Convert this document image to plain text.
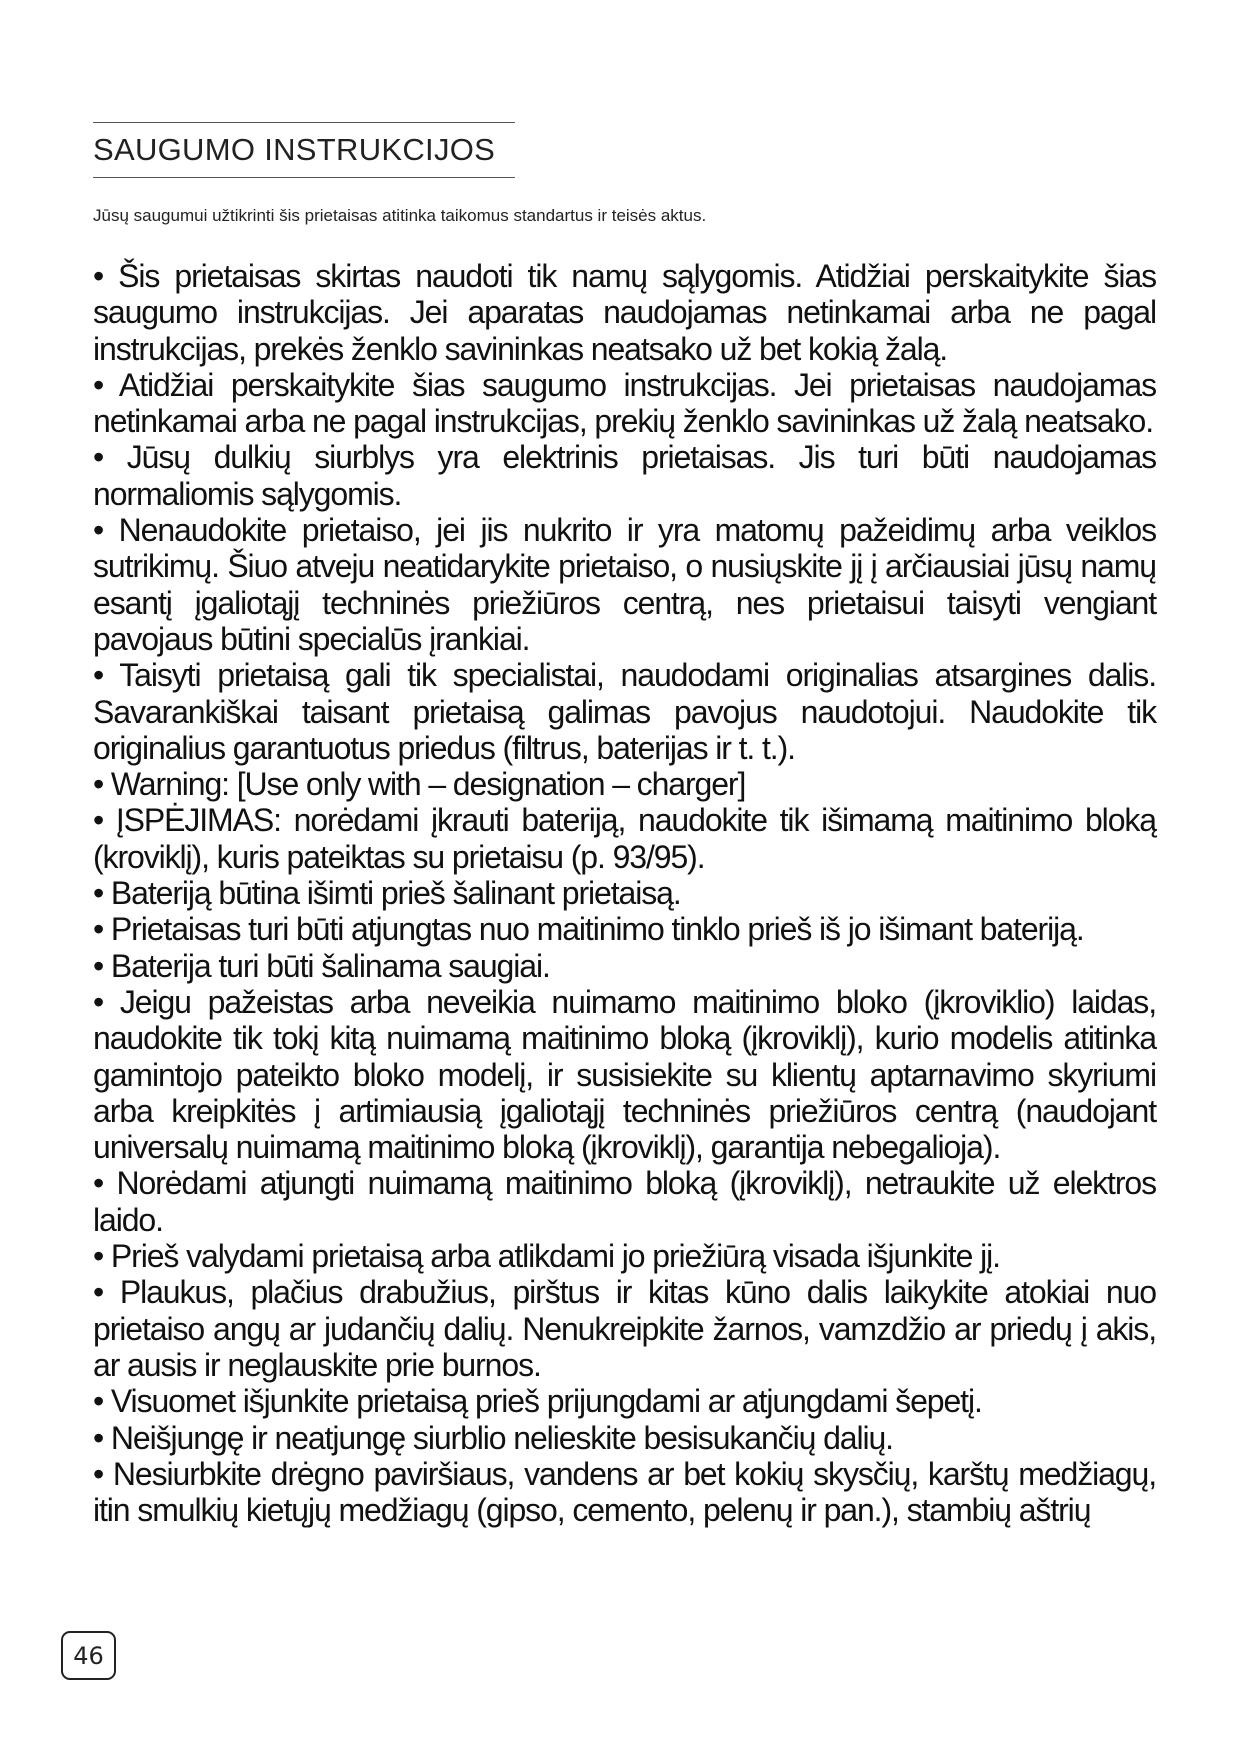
SAUGUMO INSTRUKCIJOS
Jūsų saugumui užtikrinti šis prietaisas atitinka taikomus standartus ir teisės aktus.

• Šis prietaisas skirtas naudoti tik namų sąlygomis. Atidžiai perskaitykite šias saugumo instrukcijas. Jei aparatas naudojamas netinkamai arba ne pagal instrukcijas, prekės ženklo savininkas neatsako už bet kokią žalą.

• Atidžiai perskaitykite šias saugumo instrukcijas. Jei prietaisas naudojamas netinkamai arba ne pagal instrukcijas, prekių ženklo savininkas už žalą neatsako.

• Jūsų dulkių siurblys yra elektrinis prietaisas. Jis turi būti naudojamas normaliomis sąlygomis.

• Nenaudokite prietaiso, jei jis nukrito ir yra matomų pažeidimų arba veiklos sutrikimų. Šiuo atveju neatidarykite prietaiso, o nusiųskite jį į arčiausiai jūsų namų esantį įgaliotąjį techninės priežiūros centrą, nes prietaisui taisyti vengiant pavojaus būtini specialūs įrankiai.

• Taisyti prietaisą gali tik specialistai, naudodami originalias atsargines dalis. Savarankiškai taisant prietaisą galimas pavojus naudotojui. Naudokite tik originalius garantuotus priedus (filtrus, baterijas ir t. t.).

• Warning: [Use only with – designation – charger]

• ĮSPĖJIMAS: norėdami įkrauti bateriją, naudokite tik išimamą maitinimo bloką (kroviklį), kuris pateiktas su prietaisu (p. 93/95).

• Bateriją būtina išimti prieš šalinant prietaisą.

• Prietaisas turi būti atjungtas nuo maitinimo tinklo prieš iš jo išimant bateriją.

• Baterija turi būti šalinama saugiai.

• Jeigu pažeistas arba neveikia nuimamo maitinimo bloko (įkroviklio) laidas, naudokite tik tokį kitą nuimamą maitinimo bloką (įkroviklį), kurio modelis atitinka gamintojo pateikto bloko modelį, ir susisiekite su klientų aptarnavimo skyriumi arba kreipkitės į artimiausią įgaliotąjį techninės priežiūros centrą (naudojant universalų nuimamą maitinimo bloką (įkroviklį), garantija nebegalioja).

• Norėdami atjungti nuimamą maitinimo bloką (įkroviklį), netraukite už elektros laido.

• Prieš valydami prietaisą arba atlikdami jo priežiūrą visada išjunkite jį.

• Plaukus, plačius drabužius, pirštus ir kitas kūno dalis laikykite atokiai nuo prietaiso angų ar judančių dalių. Nenukreipkite žarnos, vamzdžio ar priedų į akis, ar ausis ir neglauskite prie burnos.

• Visuomet išjunkite prietaisą prieš prijungdami ar atjungdami šepetį.

• Neišjungę ir neatjungę siurblio nelieskite besisukančių dalių.

• Nesiurbkite drėgno paviršiaus, vandens ar bet kokių skysčių, karštų medžiagų, itin smulkių kietųjų medžiagų (gipso, cemento, pelenų ir pan.), stambių aštrių

46
